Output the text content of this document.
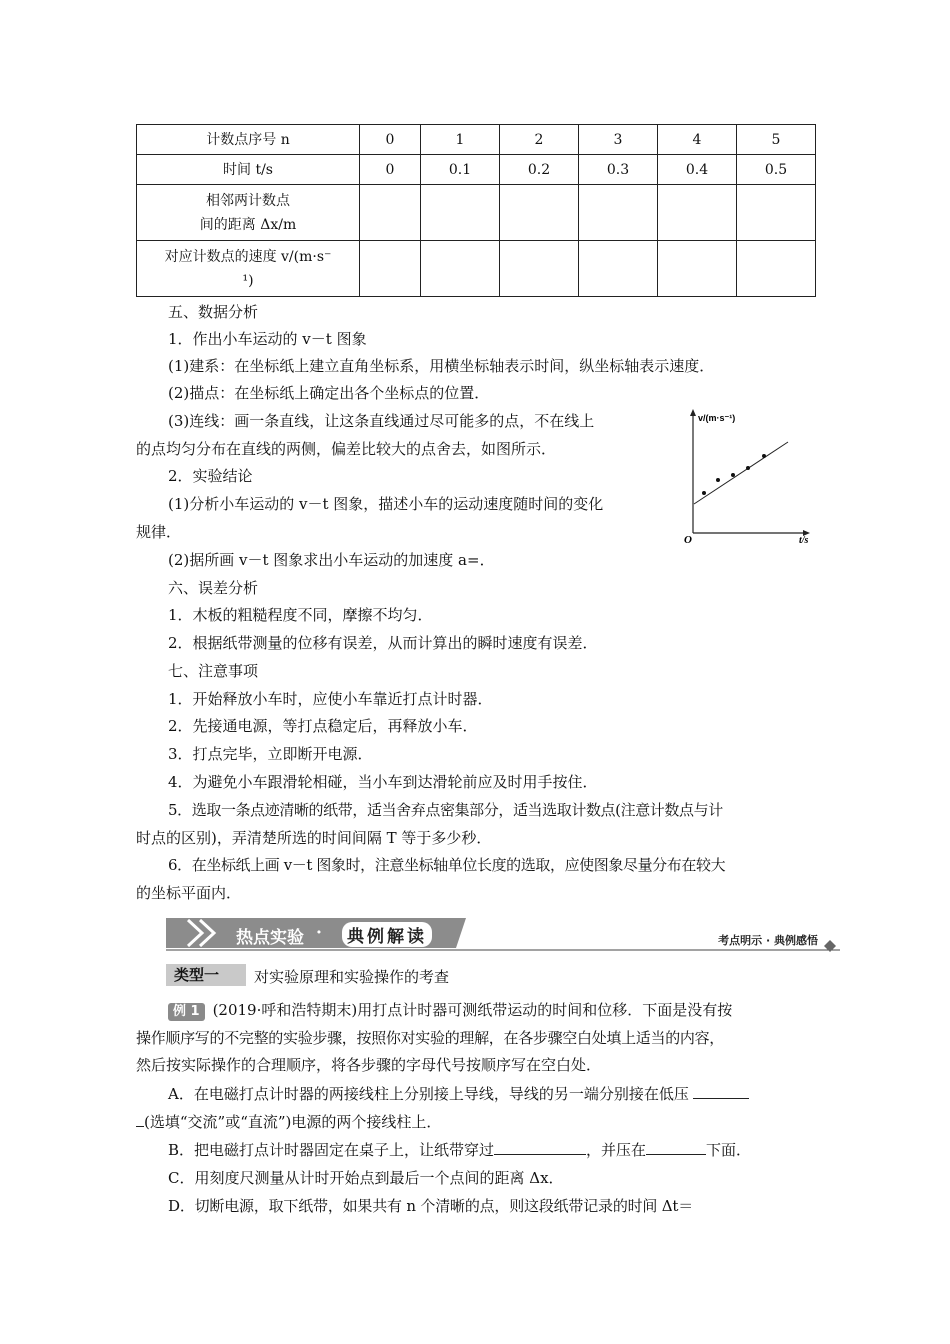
计数点序号 n	0	1	2	3	4	5
时间 t/s	0	0.1	0.2	0.3	0.4	0.5

相邻两计数点
间的距离 Δx/m						

对应计数点的速度 v/(m·s⁻
¹)						

五、数据分析
1．作出小车运动的 v－t 图象
(1)建系：在坐标纸上建立直角坐标系，用横坐标轴表示时间，纵坐标轴表示速度．
(2)描点：在坐标纸上确定出各个坐标点的位置．
(3)连线：画一条直线，让这条直线通过尽可能多的点，不在线上
的点均匀分布在直线的两侧，偏差比较大的点舍去，如图所示．
2．实验结论
(1)分析小车运动的 v－t 图象，描述小车的运动速度随时间的变化
规律．
(2)据所画 v－t 图象求出小车运动的加速度 a=．
v/(m·s⁻¹)
t/s
O
六、误差分析
1．木板的粗糙程度不同，摩擦不均匀．
2．根据纸带测量的位移有误差，从而计算出的瞬时速度有误差．
七、注意事项
1．开始释放小车时，应使小车靠近打点计时器．
2．先接通电源，等打点稳定后，再释放小车．
3．打点完毕，立即断开电源．
4．为避免小车跟滑轮相碰，当小车到达滑轮前应及时用手按住．
5．选取一条点迹清晰的纸带，适当舍弃点密集部分，适当选取计数点(注意计数点与计
时点的区别)，弄清楚所选的时间间隔 T 等于多少秒．
6．在坐标纸上画 v－t 图象时，注意坐标轴单位长度的选取，应使图象尽量分布在较大
的坐标平面内．
热点实验 · 典例解读	考点明示 · 典例感悟
类型一	对实验原理和实验操作的考查
例 1 (2019·呼和浩特期末)用打点计时器可测纸带运动的时间和位移．下面是没有按
操作顺序写的不完整的实验步骤，按照你对实验的理解，在各步骤空白处填上适当的内容，
然后按实际操作的合理顺序，将各步骤的字母代号按顺序写在空白处．
A．在电磁打点计时器的两接线柱上分别接上导线，导线的另一端分别接在低压
(选填“交流”或“直流”)电源的两个接线柱上．
B．把电磁打点计时器固定在桌子上，让纸带穿过	，并压在	下面．
C．用刻度尺测量从计时开始点到最后一个点间的距离 Δx．
D．切断电源，取下纸带，如果共有 n 个清晰的点，则这段纸带记录的时间 Δt＝
